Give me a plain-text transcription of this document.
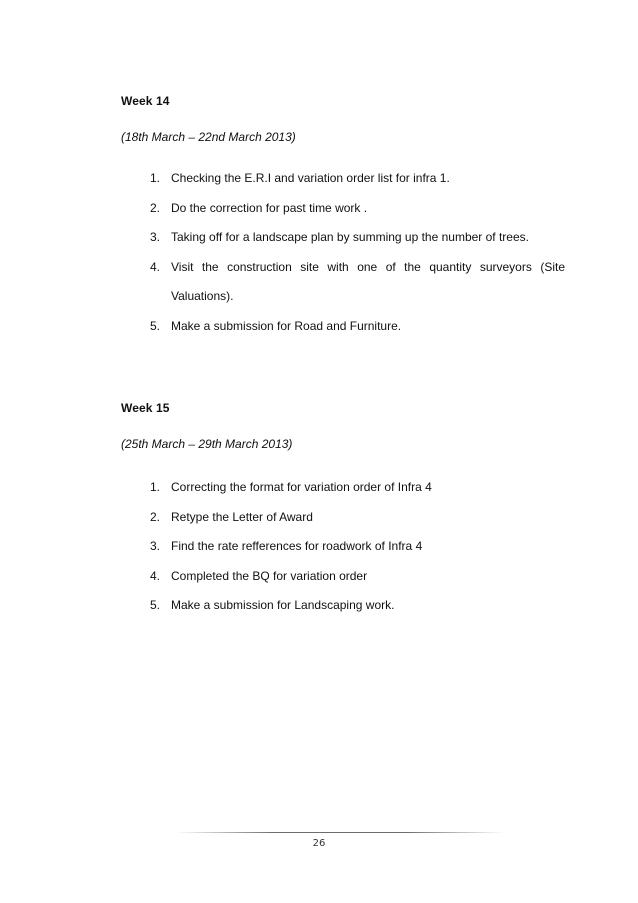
Week 14
(18th March – 22nd March 2013)
1. Checking the E.R.I and variation order list for infra 1.
2. Do the correction for past time work .
3. Taking off for a landscape plan by summing up the number of trees.
4. Visit the construction site with one of the quantity surveyors (Site Valuations).
5. Make a submission for Road and Furniture.
Week 15
(25th March – 29th March 2013)
1. Correcting the format for variation order of Infra 4
2. Retype the Letter of Award
3. Find the rate refferences for roadwork of Infra 4
4. Completed the BQ for variation order
5. Make a submission for Landscaping work.
26
